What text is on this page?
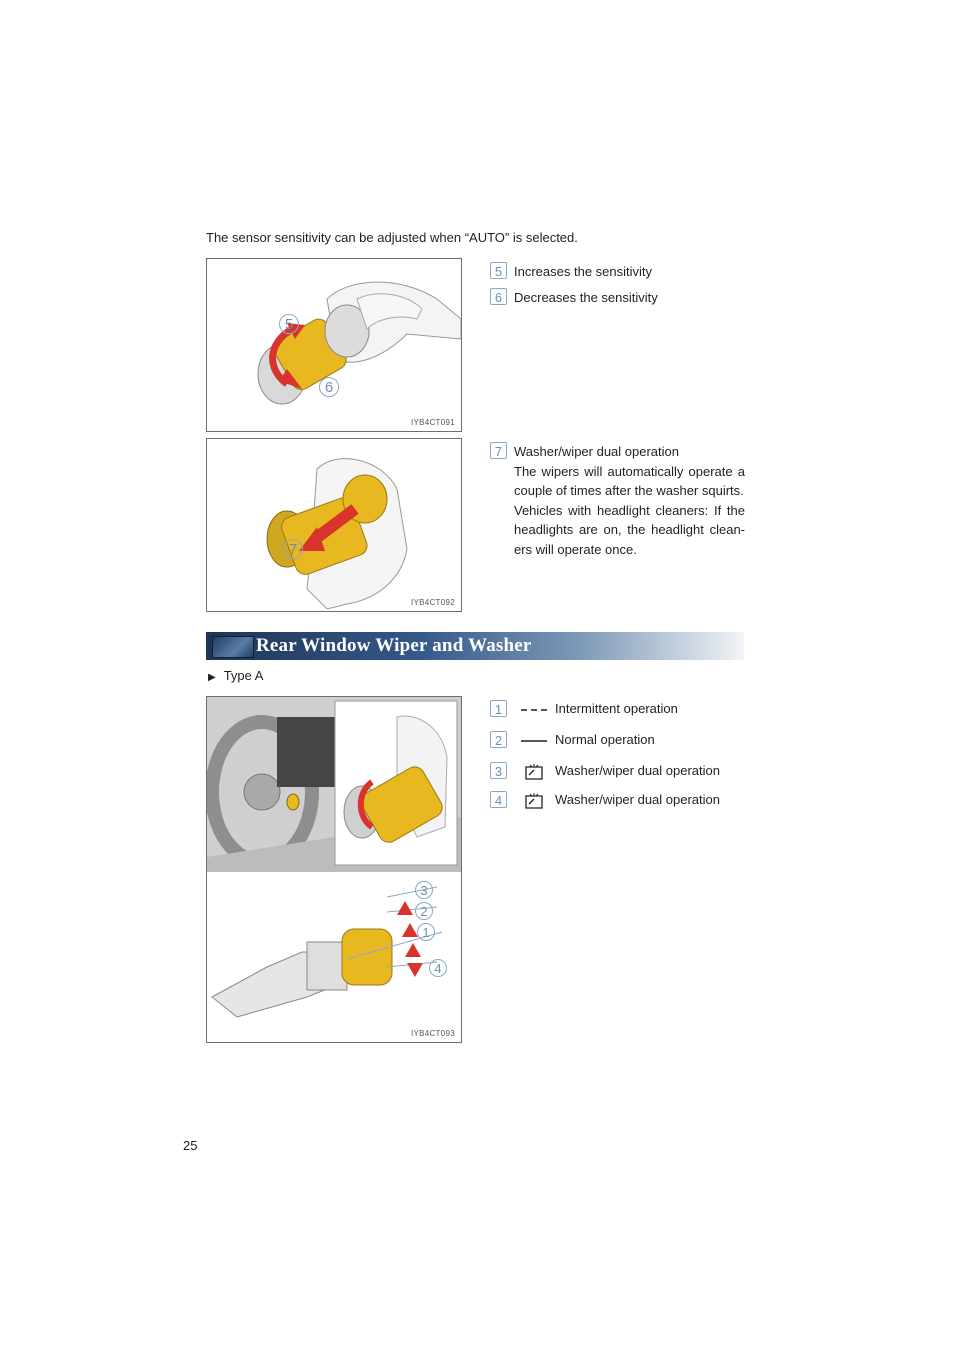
The sensor sensitivity can be adjusted when “AUTO” is selected.
5
6
IYB4CT091
5 Increases the sensitivity
6 Decreases the sensitivity
7
IYB4CT092
7 Washer/wiper dual operation

The wipers will automatically operate a couple of times after the washer squirts.

Vehicles with headlight cleaners: If the headlights are on, the headlight clean- ers will operate once.

Rear Window Wiper and Washer
▶ Type A
3
2
1
4
IYB4CT093
1	Intermittent operation
2	Normal operation
3	Washer/wiper dual operation
4	Washer/wiper dual operation
25
